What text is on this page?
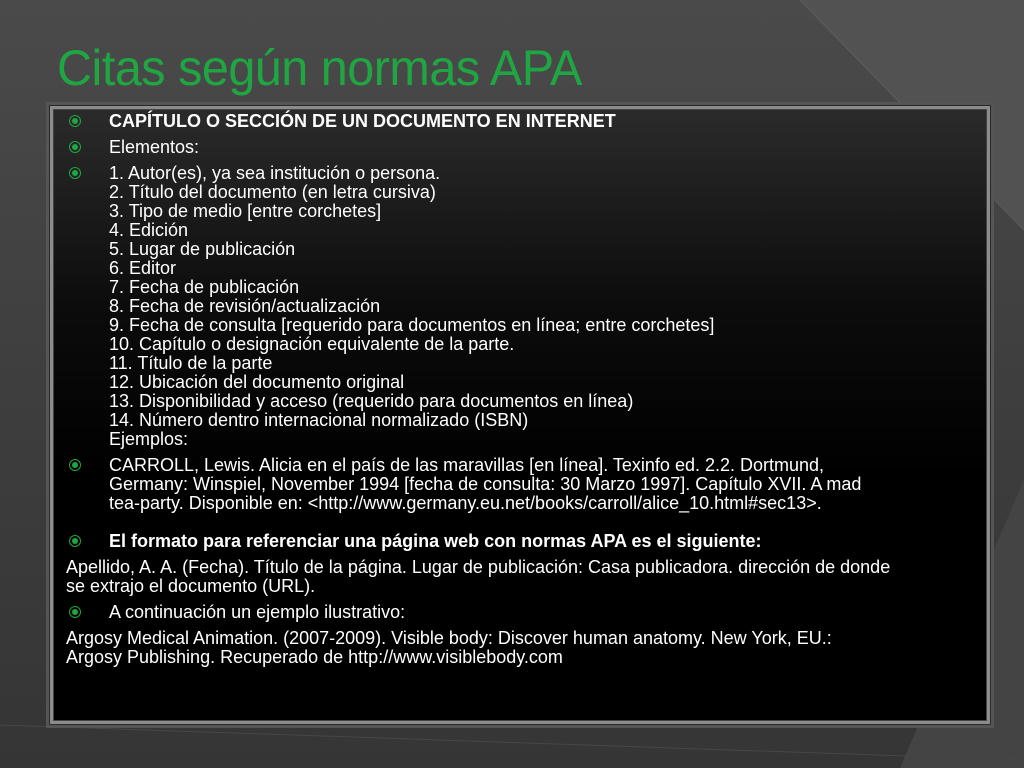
Citas según normas APA
CAPÍTULO O SECCIÓN DE UN DOCUMENTO EN INTERNET
Elementos:
1. Autor(es), ya sea institución o persona.
2. Título del documento (en letra cursiva)
3. Tipo de medio [entre corchetes]
4. Edición
5. Lugar de publicación
6. Editor
7. Fecha de publicación
8. Fecha de revisión/actualización
9. Fecha de consulta [requerido para documentos en línea; entre corchetes]
10. Capítulo o designación equivalente de la parte.
11. Título de la parte
12. Ubicación del documento original
13. Disponibilidad y acceso (requerido para documentos en línea)
14. Número dentro internacional normalizado (ISBN)
Ejemplos:
CARROLL, Lewis. Alicia en el país de las maravillas [en línea]. Texinfo ed. 2.2. Dortmund,
Germany: Winspiel, November 1994 [fecha de consulta: 30 Marzo 1997]. Capítulo XVII. A mad
tea-party. Disponible en: <http://www.germany.eu.net/books/carroll/alice_10.html#sec13>.
El formato para referenciar una página web con normas APA es el siguiente:
Apellido, A. A. (Fecha). Título de la página. Lugar de publicación: Casa publicadora. dirección de donde
se extrajo el documento (URL).
A continuación un ejemplo ilustrativo:
Argosy Medical Animation. (2007-2009). Visible body: Discover human anatomy. New York, EU.:
Argosy Publishing. Recuperado de http://www.visiblebody.com
